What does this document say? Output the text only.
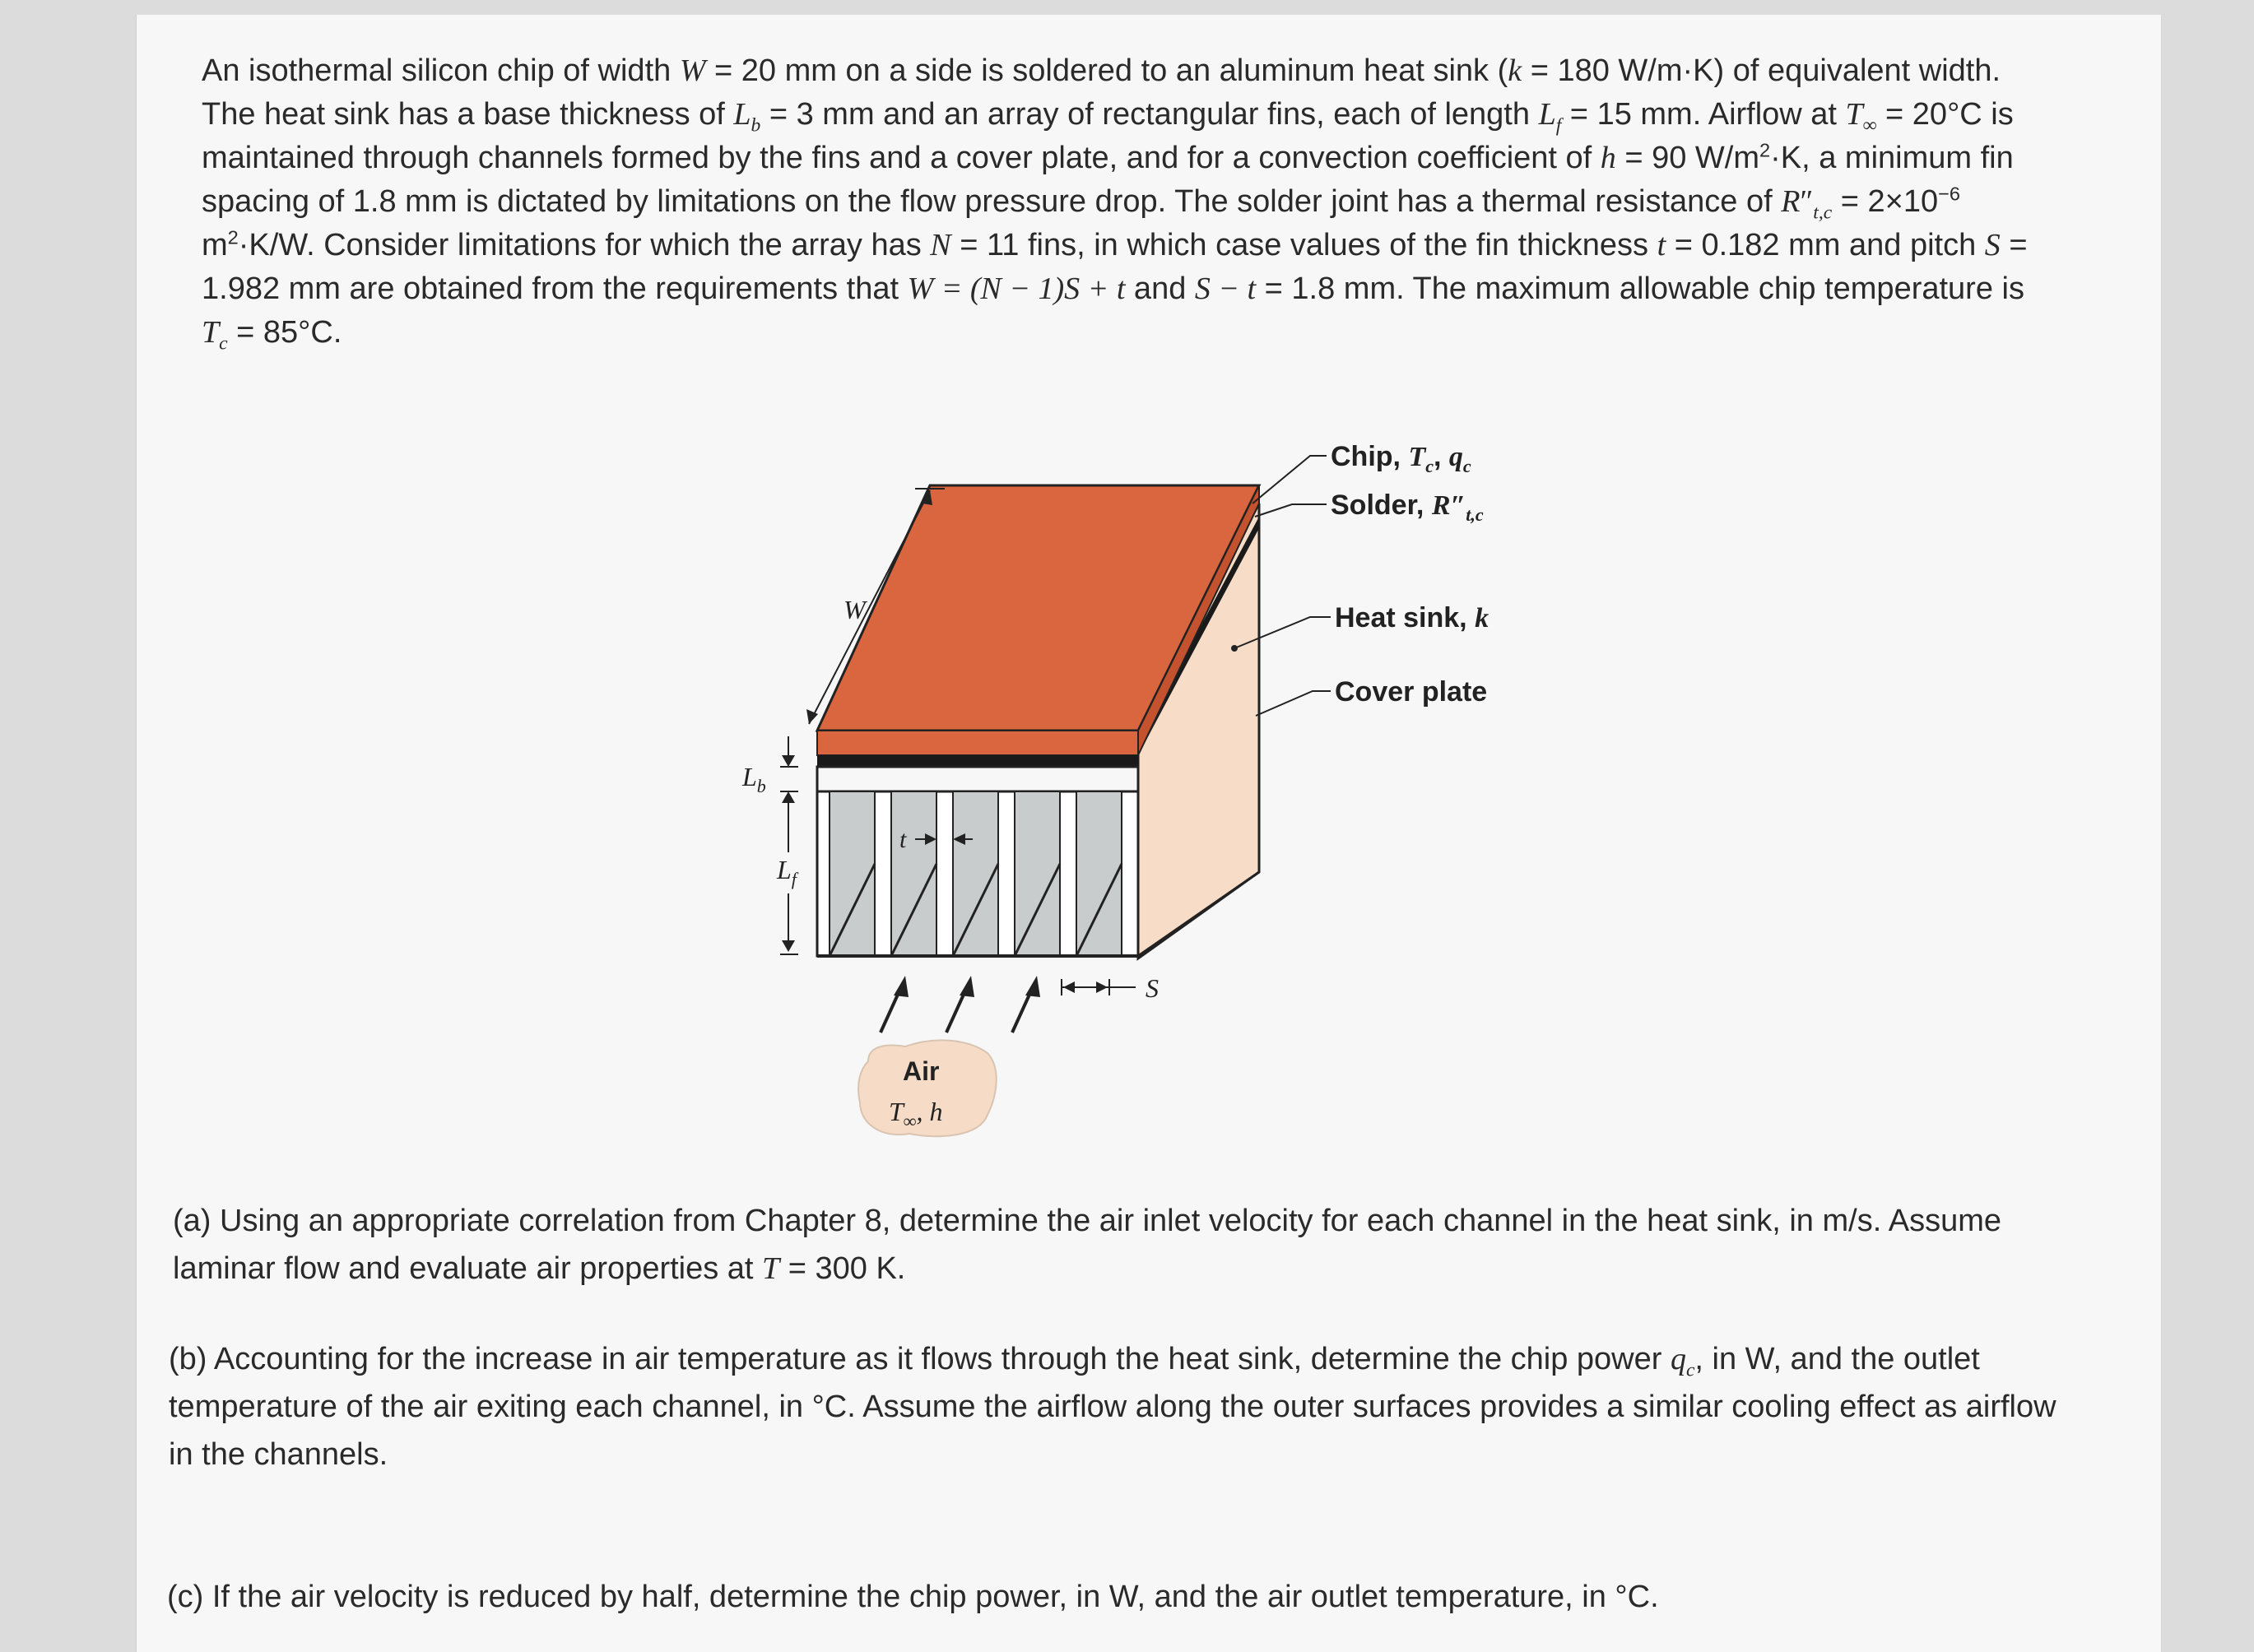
An isothermal silicon chip of width W = 20 mm on a side is soldered to an aluminum heat sink (k = 180 W/m·K) of equivalent width. The heat sink has a base thickness of $L_b = 3$ mm and an array of rectangular fins, each of length $L_f = 15$ mm. Airflow at $T_\infty = 20^\circ C$ is maintained through channels formed by the fins and a cover plate, and for a convection coefficient of h = 90 $W/m^2\cdot K$, a minimum fin spacing of 1.8 mm is dictated by limitations on the flow pressure drop. The solder joint has a thermal resistance of $R''_{t,c} = 2\times 10^{-6}$ $m^2\cdot K/W$. Consider limitations for which the array has N = 11 fins, in which case values of the fin thickness t = 0.182 mm and pitch S = 1.982 mm are obtained from the requirements that W = (N − 1)S + t and S − t = 1.8 mm. The maximum allowable chip temperature is $T_c = 85^\circ C$.

W
$L_b$
$L_f$
t
S
Air
$T_\infty$, h
Chip, $T_c$, $q_c$
Solder, $R''_{t,c}$
Heat sink, k
Cover plate

(a) Using an appropriate correlation from Chapter 8, determine the air inlet velocity for each channel in the heat sink, in m/s. Assume laminar flow and evaluate air properties at T = 300 K.

(b) Accounting for the increase in air temperature as it flows through the heat sink, determine the chip power $q_c$, in W, and the outlet temperature of the air exiting each channel, in °C. Assume the airflow along the outer surfaces provides a similar cooling effect as airflow in the channels.

(c) If the air velocity is reduced by half, determine the chip power, in W, and the air outlet temperature, in °C.
